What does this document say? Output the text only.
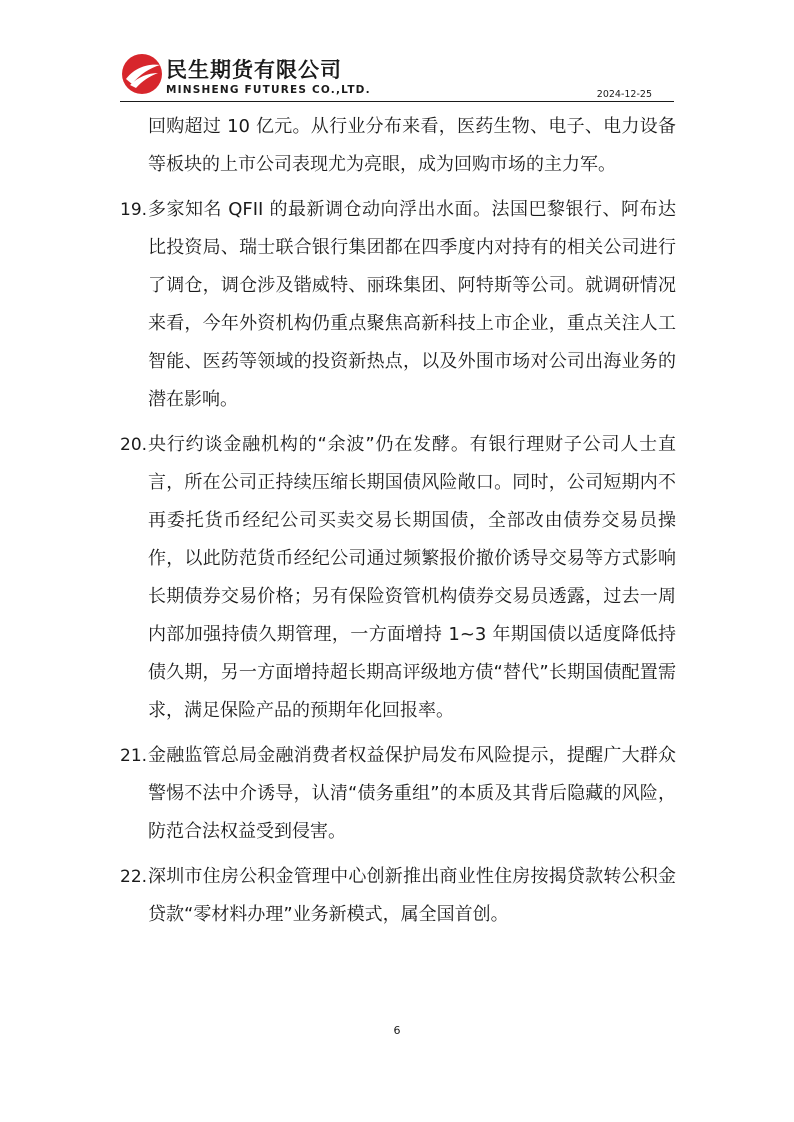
民生期货有限公司
MINSHENG FUTURES CO.,LTD.	2024-12-25

回购超过 10 亿元。从行业分布来看，医药生物、电子、电力设备等板块的上市公司表现尤为亮眼，成为回购市场的主力军。

19. 多家知名 QFII 的最新调仓动向浮出水面。法国巴黎银行、阿布达比投资局、瑞士联合银行集团都在四季度内对持有的相关公司进行了调仓，调仓涉及锴威特、丽珠集团、阿特斯等公司。就调研情况来看，今年外资机构仍重点聚焦高新科技上市企业，重点关注人工智能、医药等领域的投资新热点，以及外围市场对公司出海业务的潜在影响。
20. 央行约谈金融机构的“余波”仍在发酵。有银行理财子公司人士直言，所在公司正持续压缩长期国债风险敞口。同时，公司短期内不再委托货币经纪公司买卖交易长期国债，全部改由债券交易员操作，以此防范货币经纪公司通过频繁报价撤价诱导交易等方式影响长期债券交易价格；另有保险资管机构债券交易员透露，过去一周内部加强持债久期管理，一方面增持 1~3 年期国债以适度降低持债久期，另一方面增持超长期高评级地方债“替代”长期国债配置需求，满足保险产品的预期年化回报率。
21. 金融监管总局金融消费者权益保护局发布风险提示，提醒广大群众警惕不法中介诱导，认清“债务重组”的本质及其背后隐藏的风险，防范合法权益受到侵害。
22. 深圳市住房公积金管理中心创新推出商业性住房按揭贷款转公积金贷款“零材料办理”业务新模式，属全国首创。
6
